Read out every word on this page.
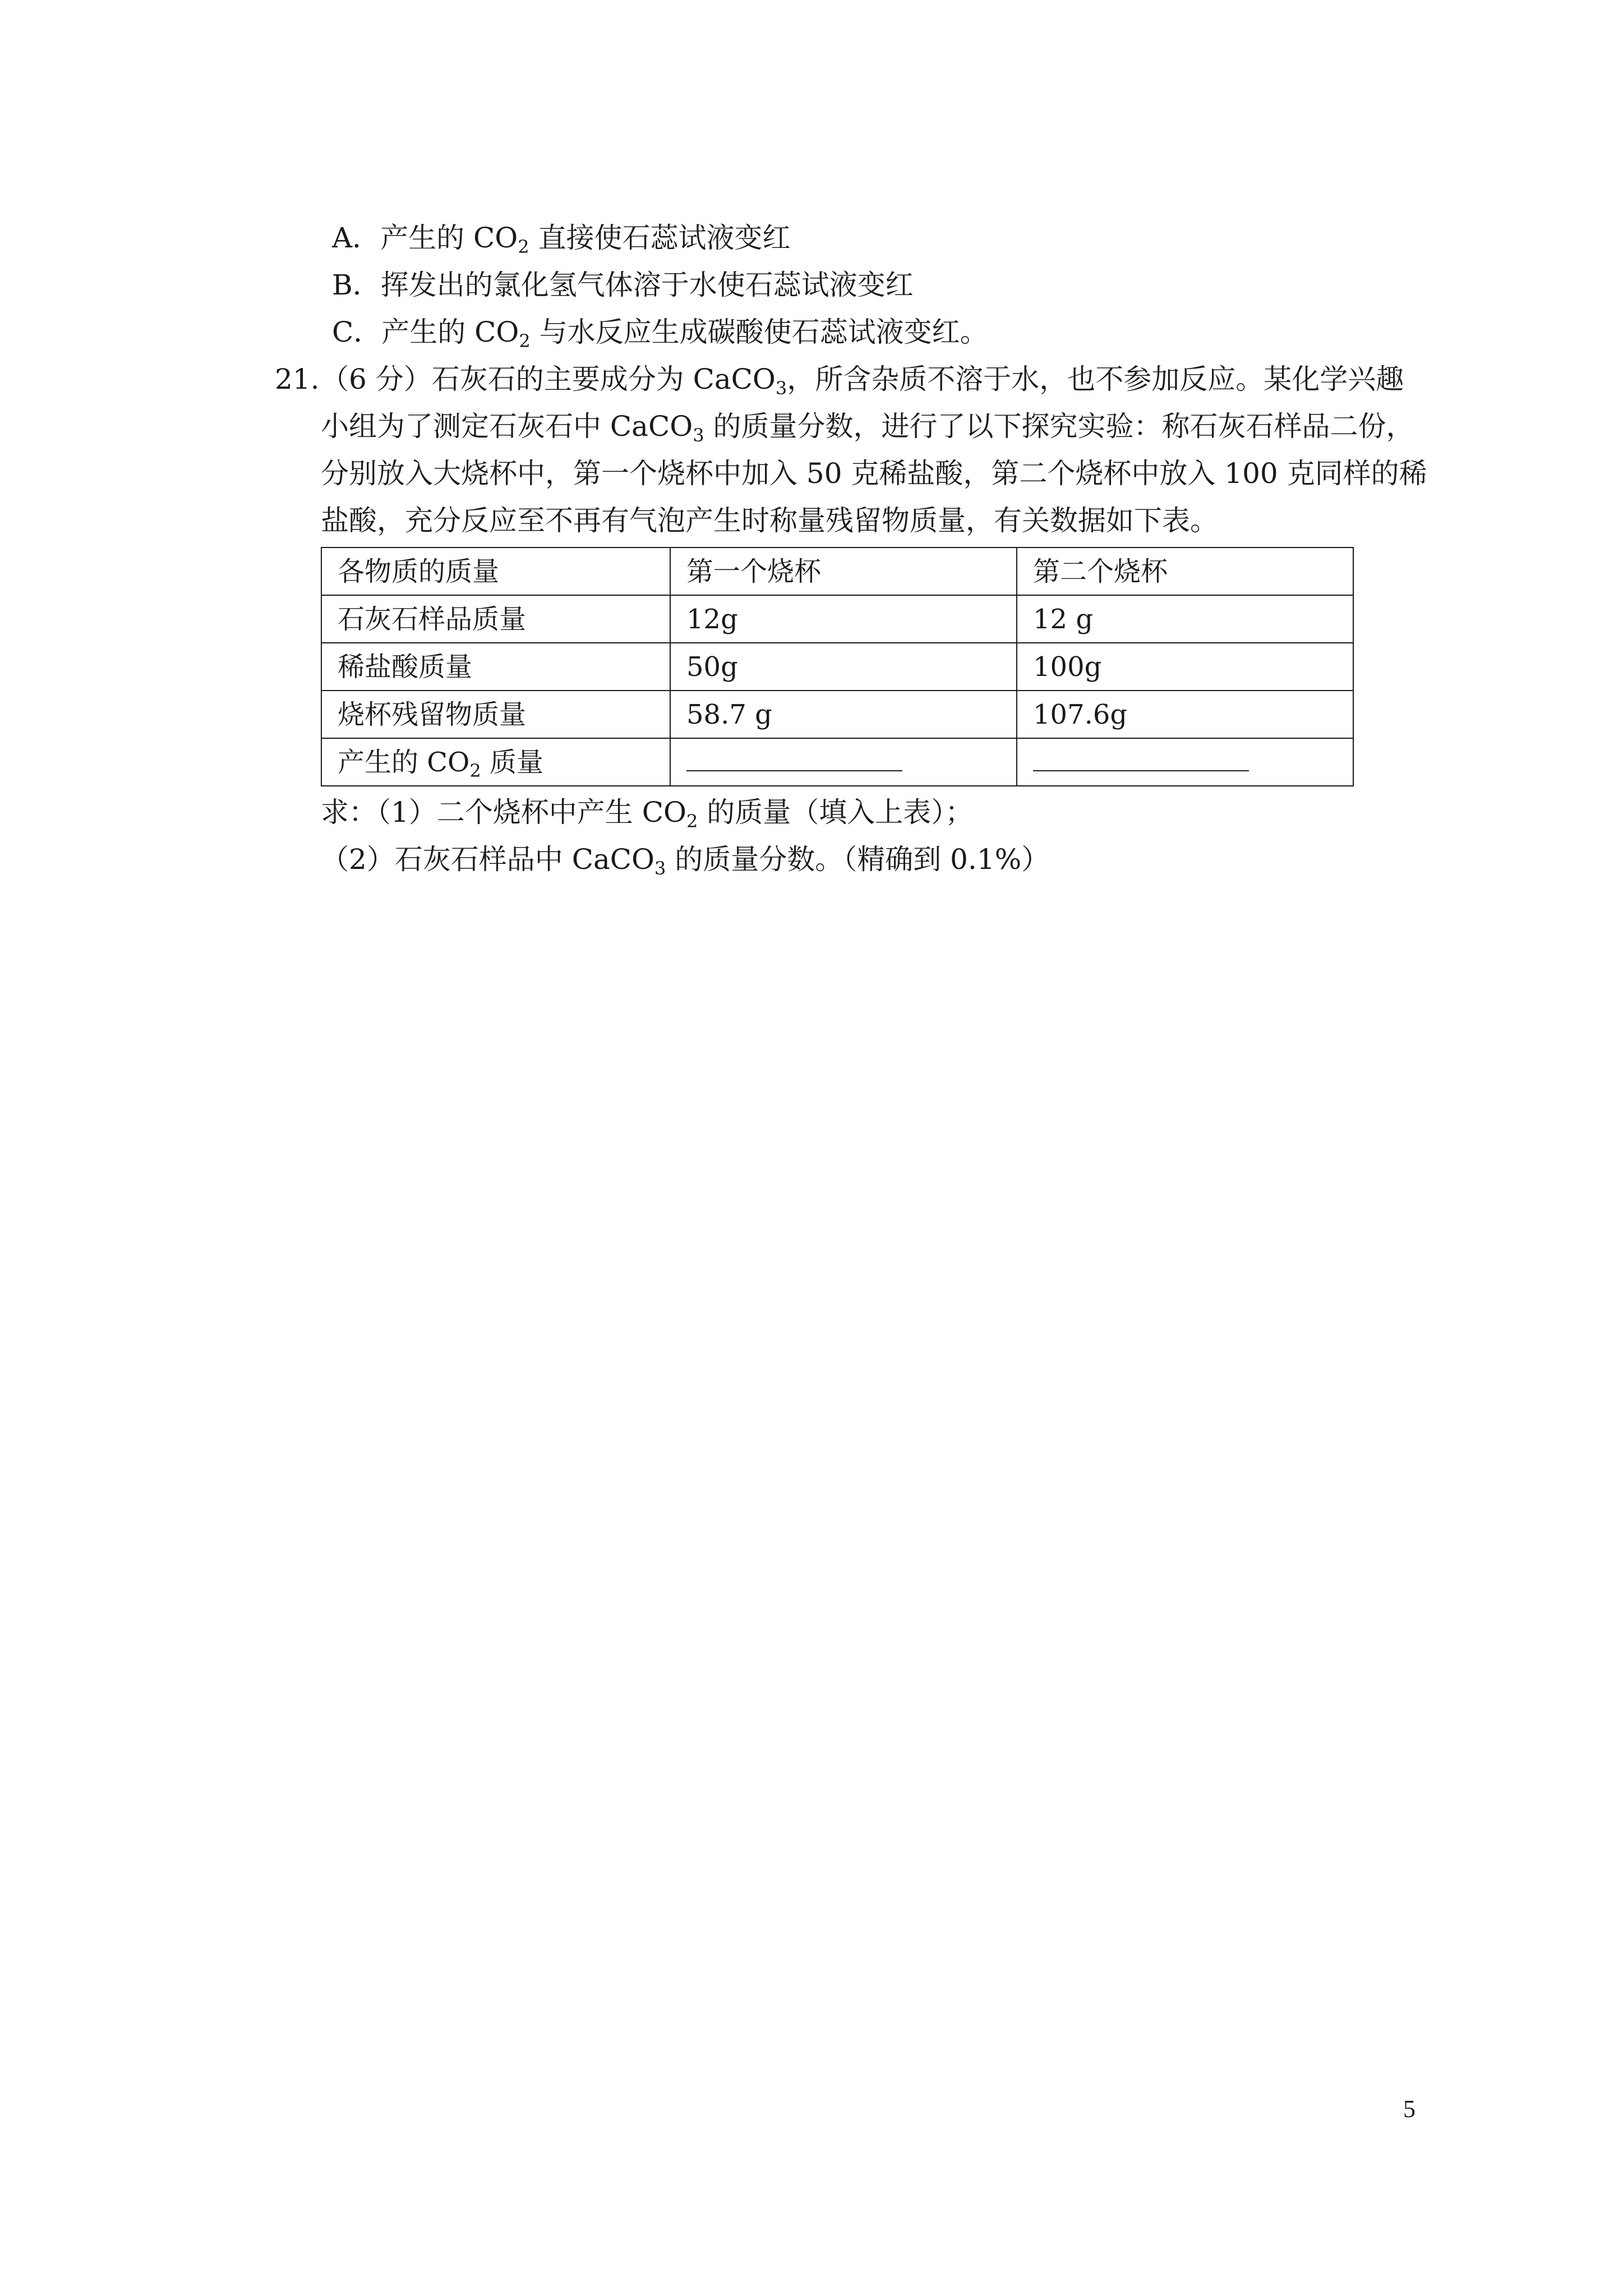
A．产生的 $CO_2$ 直接使石蕊试液变红
B．挥发出的氯化氢气体溶于水使石蕊试液变红
C．产生的 $CO_2$ 与水反应生成碳酸使石蕊试液变红。
21. （6 分）石灰石的主要成分为 CaCO$_3$，所含杂质不溶于水，也不参加反应。某化学兴趣
小组为了测定石灰石中 CaCO$_3$ 的质量分数，进行了以下探究实验：称石灰石样品二份，
分别放入大烧杯中，第一个烧杯中加入 50 克稀盐酸，第二个烧杯中放入 100 克同样的稀
盐酸，充分反应至不再有气泡产生时称量残留物质量，有关数据如下表。
各物质的质量	第一个烧杯	第二个烧杯
石灰石样品质量	12g	12 g
稀盐酸质量	50g	100g
烧杯残留物质量	58.7 g	107.6g
产生的 $CO_2$ 质量		
求：（1）二个烧杯中产生 $CO_2$ 的质量（填入上表）；
（2）石灰石样品中 CaCO$_3$ 的质量分数。（精确到 0.1%）
5
